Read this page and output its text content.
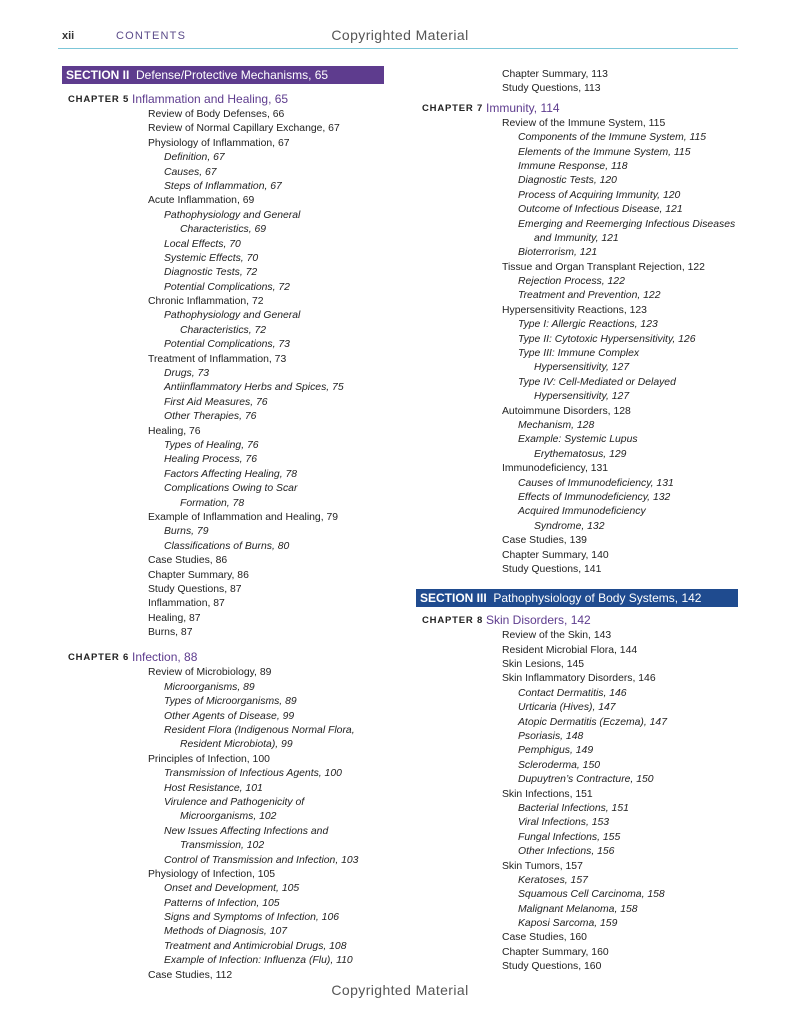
xii	CONTENTS	Copyrighted Material
SECTION II Defense/Protective Mechanisms, 65
CHAPTER 5 Inflammation and Healing, 65
Review of Body Defenses, 66
Review of Normal Capillary Exchange, 67
Physiology of Inflammation, 67
Definition, 67
Causes, 67
Steps of Inflammation, 67
Acute Inflammation, 69
Pathophysiology and General
Characteristics, 69
Local Effects, 70
Systemic Effects, 70
Diagnostic Tests, 72
Potential Complications, 72
Chronic Inflammation, 72
Pathophysiology and General
Characteristics, 72
Potential Complications, 73
Treatment of Inflammation, 73
Drugs, 73
Antiinflammatory Herbs and Spices, 75
First Aid Measures, 76
Other Therapies, 76
Healing, 76
Types of Healing, 76
Healing Process, 76
Factors Affecting Healing, 78
Complications Owing to Scar
Formation, 78
Example of Inflammation and Healing, 79
Burns, 79
Classifications of Burns, 80
Case Studies, 86
Chapter Summary, 86
Study Questions, 87
Inflammation, 87
Healing, 87
Burns, 87
CHAPTER 6 Infection, 88
Review of Microbiology, 89
Microorganisms, 89
Types of Microorganisms, 89
Other Agents of Disease, 99
Resident Flora (Indigenous Normal Flora,
Resident Microbiota), 99
Principles of Infection, 100
Transmission of Infectious Agents, 100
Host Resistance, 101
Virulence and Pathogenicity of
Microorganisms, 102
New Issues Affecting Infections and
Transmission, 102
Control of Transmission and Infection, 103
Physiology of Infection, 105
Onset and Development, 105
Patterns of Infection, 105
Signs and Symptoms of Infection, 106
Methods of Diagnosis, 107
Treatment and Antimicrobial Drugs, 108
Example of Infection: Influenza (Flu), 110
Case Studies, 112
Chapter Summary, 113
Study Questions, 113
CHAPTER 7 Immunity, 114
Review of the Immune System, 115
Components of the Immune System, 115
Elements of the Immune System, 115
Immune Response, 118
Diagnostic Tests, 120
Process of Acquiring Immunity, 120
Outcome of Infectious Disease, 121
Emerging and Reemerging Infectious Diseases
and Immunity, 121
Bioterrorism, 121
Tissue and Organ Transplant Rejection, 122
Rejection Process, 122
Treatment and Prevention, 122
Hypersensitivity Reactions, 123
Type I: Allergic Reactions, 123
Type II: Cytotoxic Hypersensitivity, 126
Type III: Immune Complex
Hypersensitivity, 127
Type IV: Cell-Mediated or Delayed
Hypersensitivity, 127
Autoimmune Disorders, 128
Mechanism, 128
Example: Systemic Lupus
Erythematosus, 129
Immunodeficiency, 131
Causes of Immunodeficiency, 131
Effects of Immunodeficiency, 132
Acquired Immunodeficiency
Syndrome, 132
Case Studies, 139
Chapter Summary, 140
Study Questions, 141
SECTION III Pathophysiology of Body Systems, 142
CHAPTER 8 Skin Disorders, 142
Review of the Skin, 143
Resident Microbial Flora, 144
Skin Lesions, 145
Skin Inflammatory Disorders, 146
Contact Dermatitis, 146
Urticaria (Hives), 147
Atopic Dermatitis (Eczema), 147
Psoriasis, 148
Pemphigus, 149
Scleroderma, 150
Dupuytren’s Contracture, 150
Skin Infections, 151
Bacterial Infections, 151
Viral Infections, 153
Fungal Infections, 155
Other Infections, 156
Skin Tumors, 157
Keratoses, 157
Squamous Cell Carcinoma, 158
Malignant Melanoma, 158
Kaposi Sarcoma, 159
Case Studies, 160
Chapter Summary, 160
Study Questions, 160
Copyrighted Material
